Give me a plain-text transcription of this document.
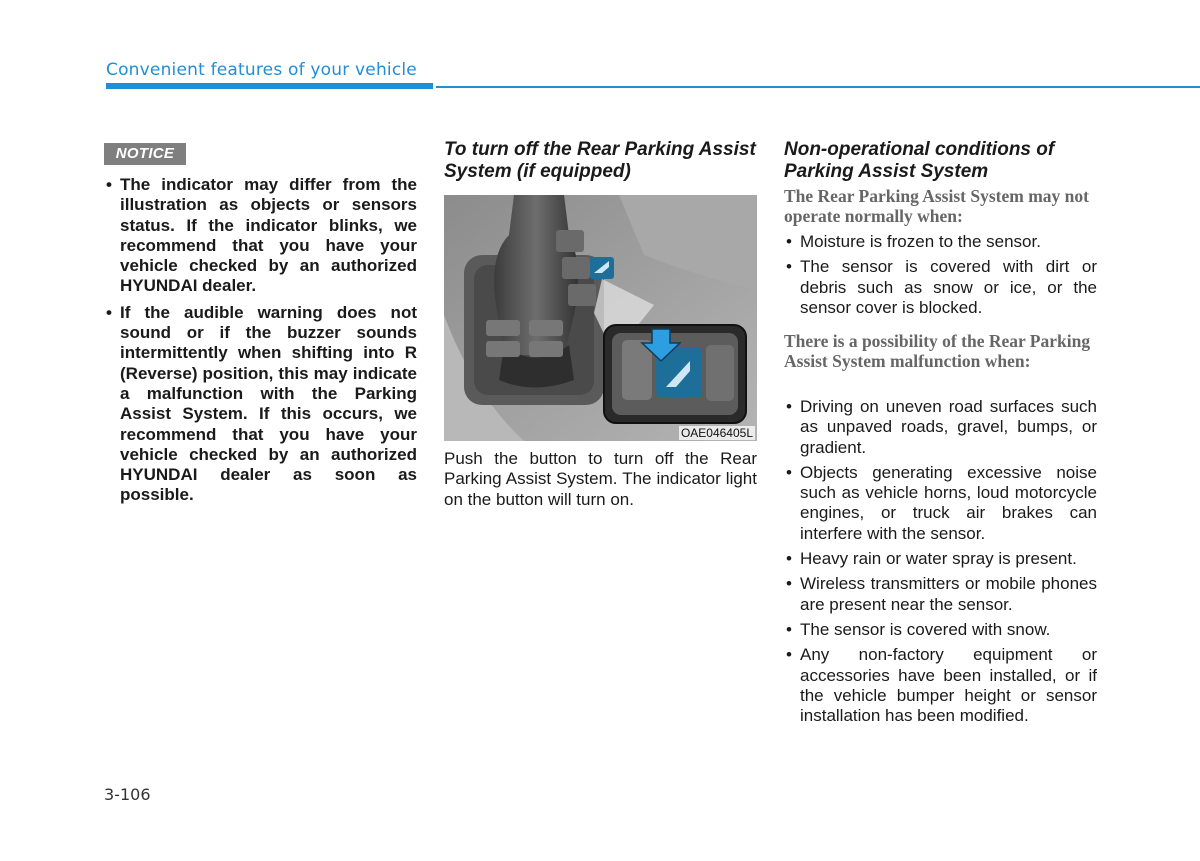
Convenient features of your vehicle
NOTICE
• The indicator may differ from the illustration as objects or sensors status. If the indicator blinks, we recommend that you have your vehicle checked by an authorized HYUNDAI dealer.
• If the audible warning does not sound or if the buzzer sounds intermittently when shifting into R (Reverse) position, this may indicate a malfunction with the Parking Assist System. If this occurs, we recommend that you have your vehicle checked by an authorized HYUNDAI dealer as soon as possible.
To turn off the Rear Parking Assist System (if equipped)
OAE046405L
Push the button to turn off the Rear Parking Assist System. The indicator light on the button will turn on.
Non-operational conditions of Parking Assist System
The Rear Parking Assist System may not operate normally when:
• Moisture is frozen to the sensor.
• The sensor is covered with dirt or debris such as snow or ice, or the sensor cover is blocked.
There is a possibility of the Rear Parking Assist System malfunction when:
• Driving on uneven road surfaces such as unpaved roads, gravel, bumps, or gradient.
• Objects generating excessive noise such as vehicle horns, loud motorcycle engines, or truck air brakes can interfere with the sensor.
• Heavy rain or water spray is present.
• Wireless transmitters or mobile phones are present near the sensor.
• The sensor is covered with snow.
• Any non-factory equipment or accessories have been installed, or if the vehicle bumper height or sensor installation has been modified.
3-106
